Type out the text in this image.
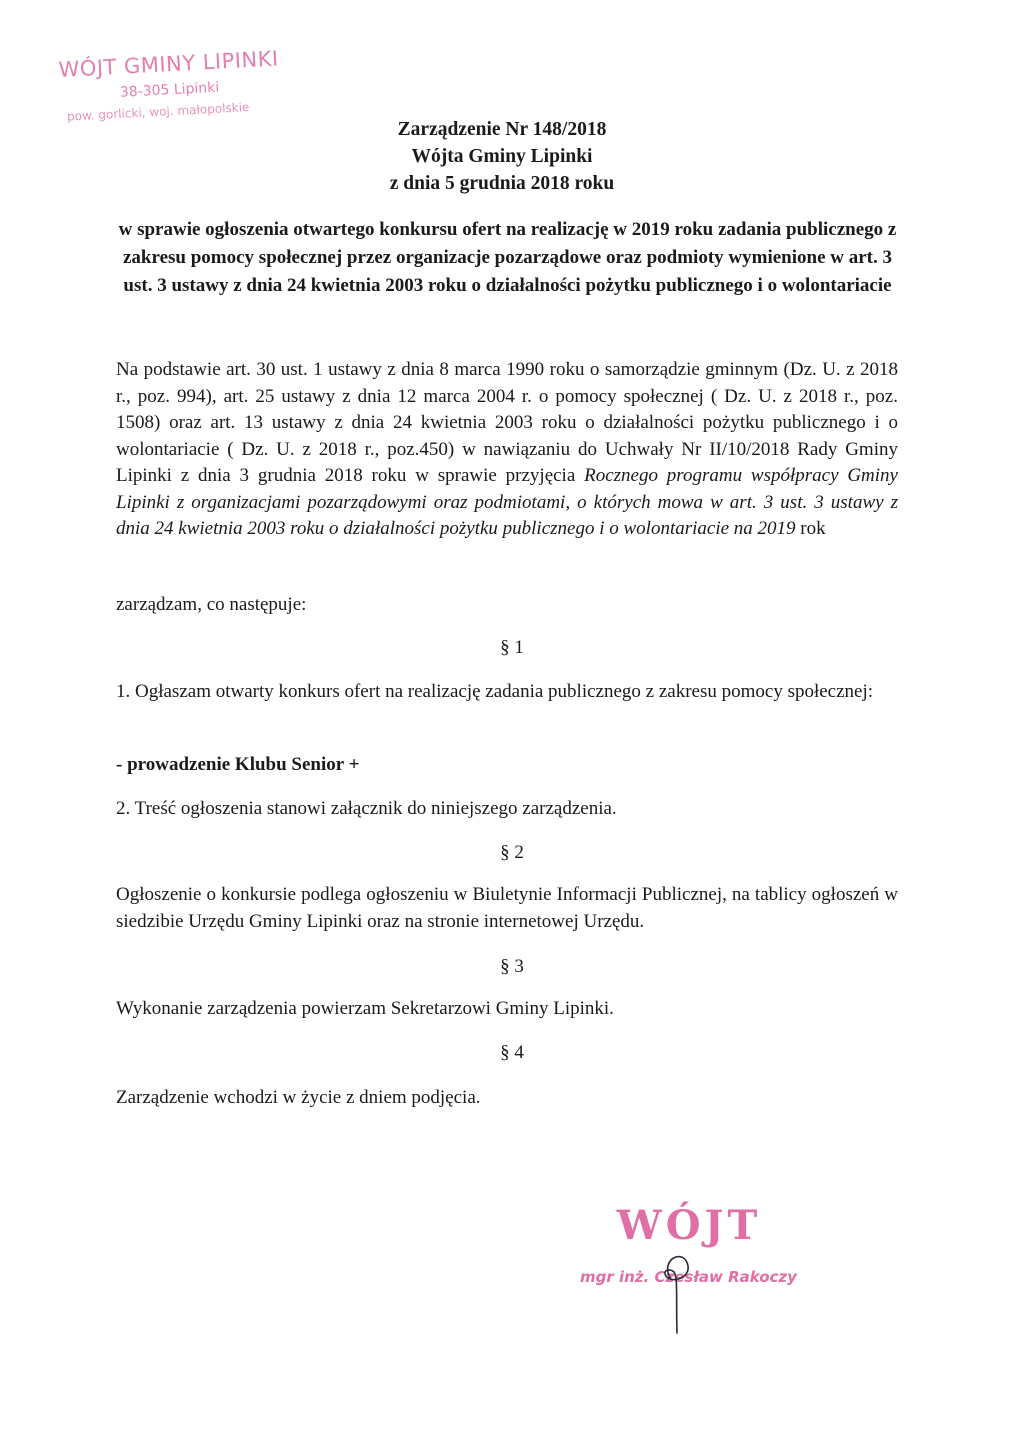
WÓJT GMINY LIPINKI
38-305 Lipinki
pow. gorlicki, woj. małopolskie
Zarządzenie Nr 148/2018
Wójta Gminy Lipinki
z dnia 5 grudnia 2018 roku
w sprawie ogłoszenia otwartego konkursu ofert na realizację w 2019 roku zadania publicznego z zakresu pomocy społecznej przez organizacje pozarządowe oraz podmioty wymienione w art. 3 ust. 3 ustawy z dnia 24 kwietnia 2003 roku o działalności pożytku publicznego i o wolontariacie
Na podstawie art. 30 ust. 1 ustawy z dnia 8 marca 1990 roku o samorządzie gminnym (Dz. U. z 2018 r., poz. 994), art. 25 ustawy z dnia 12 marca 2004 r. o pomocy społecznej ( Dz. U. z 2018 r., poz. 1508) oraz art. 13 ustawy z dnia 24 kwietnia 2003 roku o działalności pożytku publicznego i o wolontariacie ( Dz. U. z 2018 r., poz.450) w nawiązaniu do Uchwały Nr II/10/2018 Rady Gminy Lipinki z dnia 3 grudnia 2018 roku w sprawie przyjęcia Rocznego programu współpracy Gminy Lipinki z organizacjami pozarządowymi oraz podmiotami, o których mowa w art. 3 ust. 3 ustawy z dnia 24 kwietnia 2003 roku o działalności pożytku publicznego i o wolontariacie na 2019 rok
zarządzam, co następuje:
§ 1
1. Ogłaszam otwarty konkurs ofert na realizację zadania publicznego z zakresu pomocy społecznej:
- prowadzenie Klubu Senior +
2. Treść ogłoszenia stanowi załącznik do niniejszego zarządzenia.
§ 2
Ogłoszenie o konkursie podlega ogłoszeniu w Biuletynie Informacji Publicznej, na tablicy ogłoszeń w siedzibie Urzędu Gminy Lipinki oraz na stronie internetowej Urzędu.
§ 3
Wykonanie zarządzenia powierzam Sekretarzowi Gminy Lipinki.
§ 4
Zarządzenie wchodzi w życie z dniem podjęcia.
WÓJT
mgr inż. Czesław Rakoczy
